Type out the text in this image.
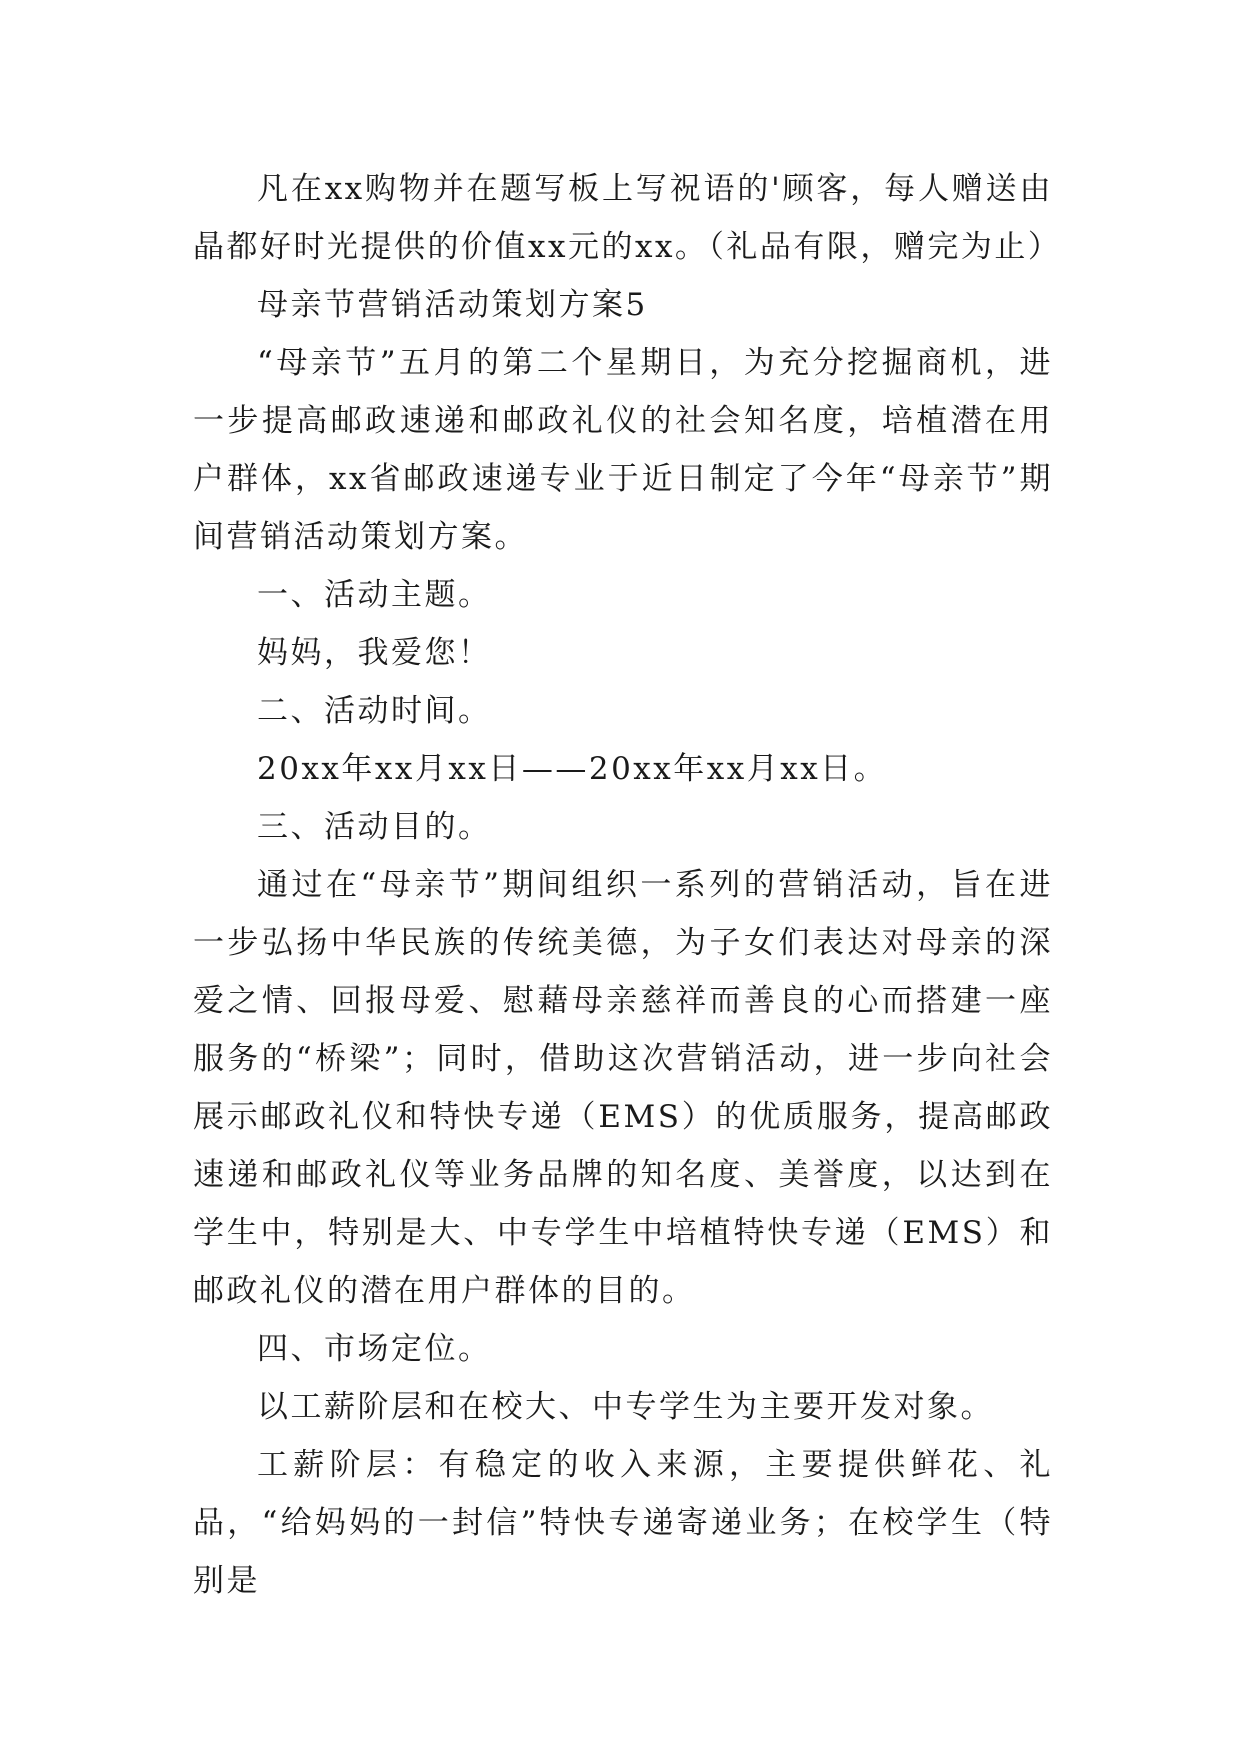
凡在xx购物并在题写板上写祝语的'顾客，每人赠送由晶都好时光提供的价值xx元的xx。（礼品有限，赠完为止）

母亲节营销活动策划方案5

“母亲节”五月的第二个星期日，为充分挖掘商机，进一步提高邮政速递和邮政礼仪的社会知名度，培植潜在用户群体，xx省邮政速递专业于近日制定了今年“母亲节”期间营销活动策划方案。

一、活动主题。

妈妈，我爱您！

二、活动时间。

20xx年xx月xx日——20xx年xx月xx日。

三、活动目的。

通过在“母亲节”期间组织一系列的营销活动，旨在进一步弘扬中华民族的传统美德，为子女们表达对母亲的深爱之情、回报母爱、慰藉母亲慈祥而善良的心而搭建一座服务的“桥梁”；同时，借助这次营销活动，进一步向社会展示邮政礼仪和特快专递（EMS）的优质服务，提高邮政速递和邮政礼仪等业务品牌的知名度、美誉度，以达到在学生中，特别是大、中专学生中培植特快专递（EMS）和邮政礼仪的潜在用户群体的目的。

四、市场定位。

以工薪阶层和在校大、中专学生为主要开发对象。

工薪阶层：有稳定的收入来源，主要提供鲜花、礼品，“给妈妈的一封信”特快专递寄递业务；在校学生（特别是
